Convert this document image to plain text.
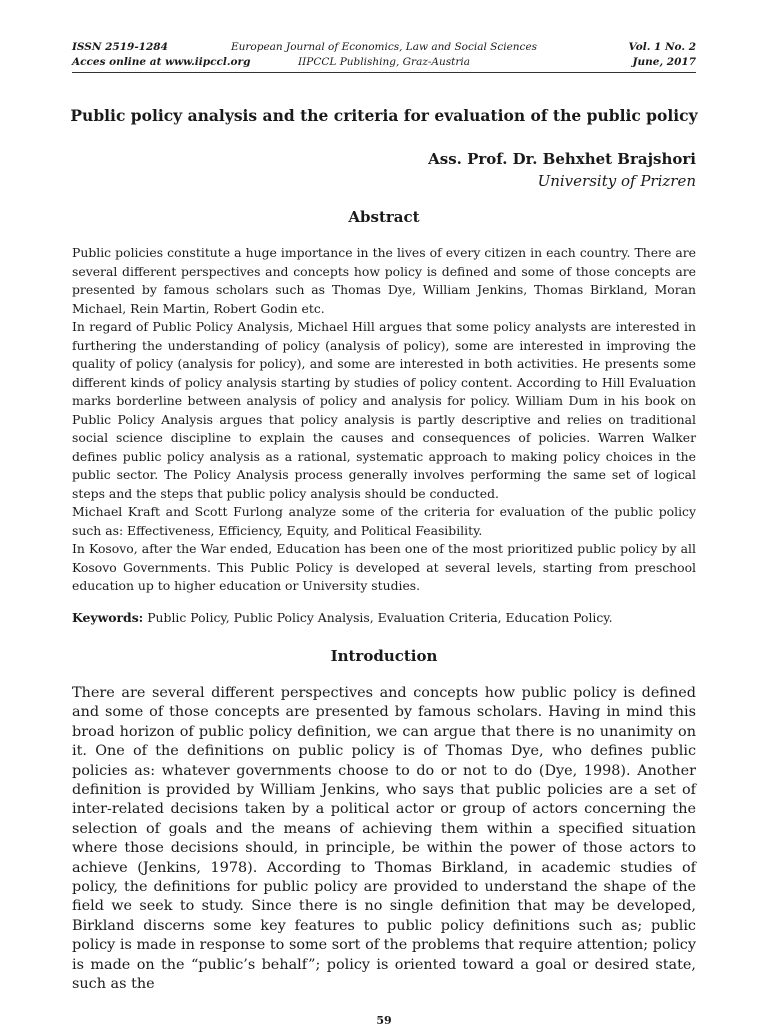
ISSN 2519-1284
Acces online at www.iipccl.org
European Journal of Economics, Law and Social Sciences
IIPCCL Publishing, Graz-Austria
Vol. 1 No. 2
June, 2017
Public policy analysis and the criteria for evaluation of the public policy
Ass. Prof. Dr. Behxhet Brajshori
University of Prizren
Abstract

Public policies constitute a huge importance in the lives of every citizen in each country. There are several different perspectives and concepts how policy is defined and some of those concepts are presented by famous scholars such as Thomas Dye, William Jenkins, Thomas Birkland, Moran Michael, Rein Martin, Robert Godin etc.

In regard of Public Policy Analysis, Michael Hill argues that some policy analysts are interested in furthering the understanding of policy (analysis of policy), some are interested in improving the quality of policy (analysis for policy), and some are interested in both activities. He presents some different kinds of policy analysis starting by studies of policy content. According to Hill Evaluation marks borderline between analysis of policy and analysis for policy. William Dum in his book on Public Policy Analysis argues that policy analysis is partly descriptive and relies on traditional social science discipline to explain the causes and consequences of policies. Warren Walker defines public policy analysis as a rational, systematic approach to making policy choices in the public sector. The Policy Analysis process generally involves performing the same set of logical steps and the steps that public policy analysis should be conducted.

Michael Kraft and Scott Furlong analyze some of the criteria for evaluation of the public policy such as: Effectiveness, Efficiency, Equity, and Political Feasibility.

In Kosovo, after the War ended, Education has been one of the most prioritized public policy by all Kosovo Governments. This Public Policy is developed at several levels, starting from preschool education up to higher education or University studies.

Keywords: Public Policy, Public Policy Analysis, Evaluation Criteria, Education Policy.
Introduction

There are several different perspectives and concepts how public policy is defined and some of those concepts are presented by famous scholars. Having in mind this broad horizon of public policy definition, we can argue that there is no unanimity on it. One of the definitions on public policy is of Thomas Dye, who defines public policies as: whatever governments choose to do or not to do (Dye, 1998). Another definition is provided by William Jenkins, who says that public policies are a set of inter-related decisions taken by a political actor or group of actors concerning the selection of goals and the means of achieving them within a specified situation where those decisions should, in principle, be within the power of those actors to achieve (Jenkins, 1978). According to Thomas Birkland, in academic studies of policy, the definitions for public policy are provided to understand the shape of the field we seek to study. Since there is no single definition that may be developed, Birkland discerns some key features to public policy definitions such as; public policy is made in response to some sort of the problems that require attention; policy is made on the “public’s behalf”; policy is oriented toward a goal or desired state, such as the

59
